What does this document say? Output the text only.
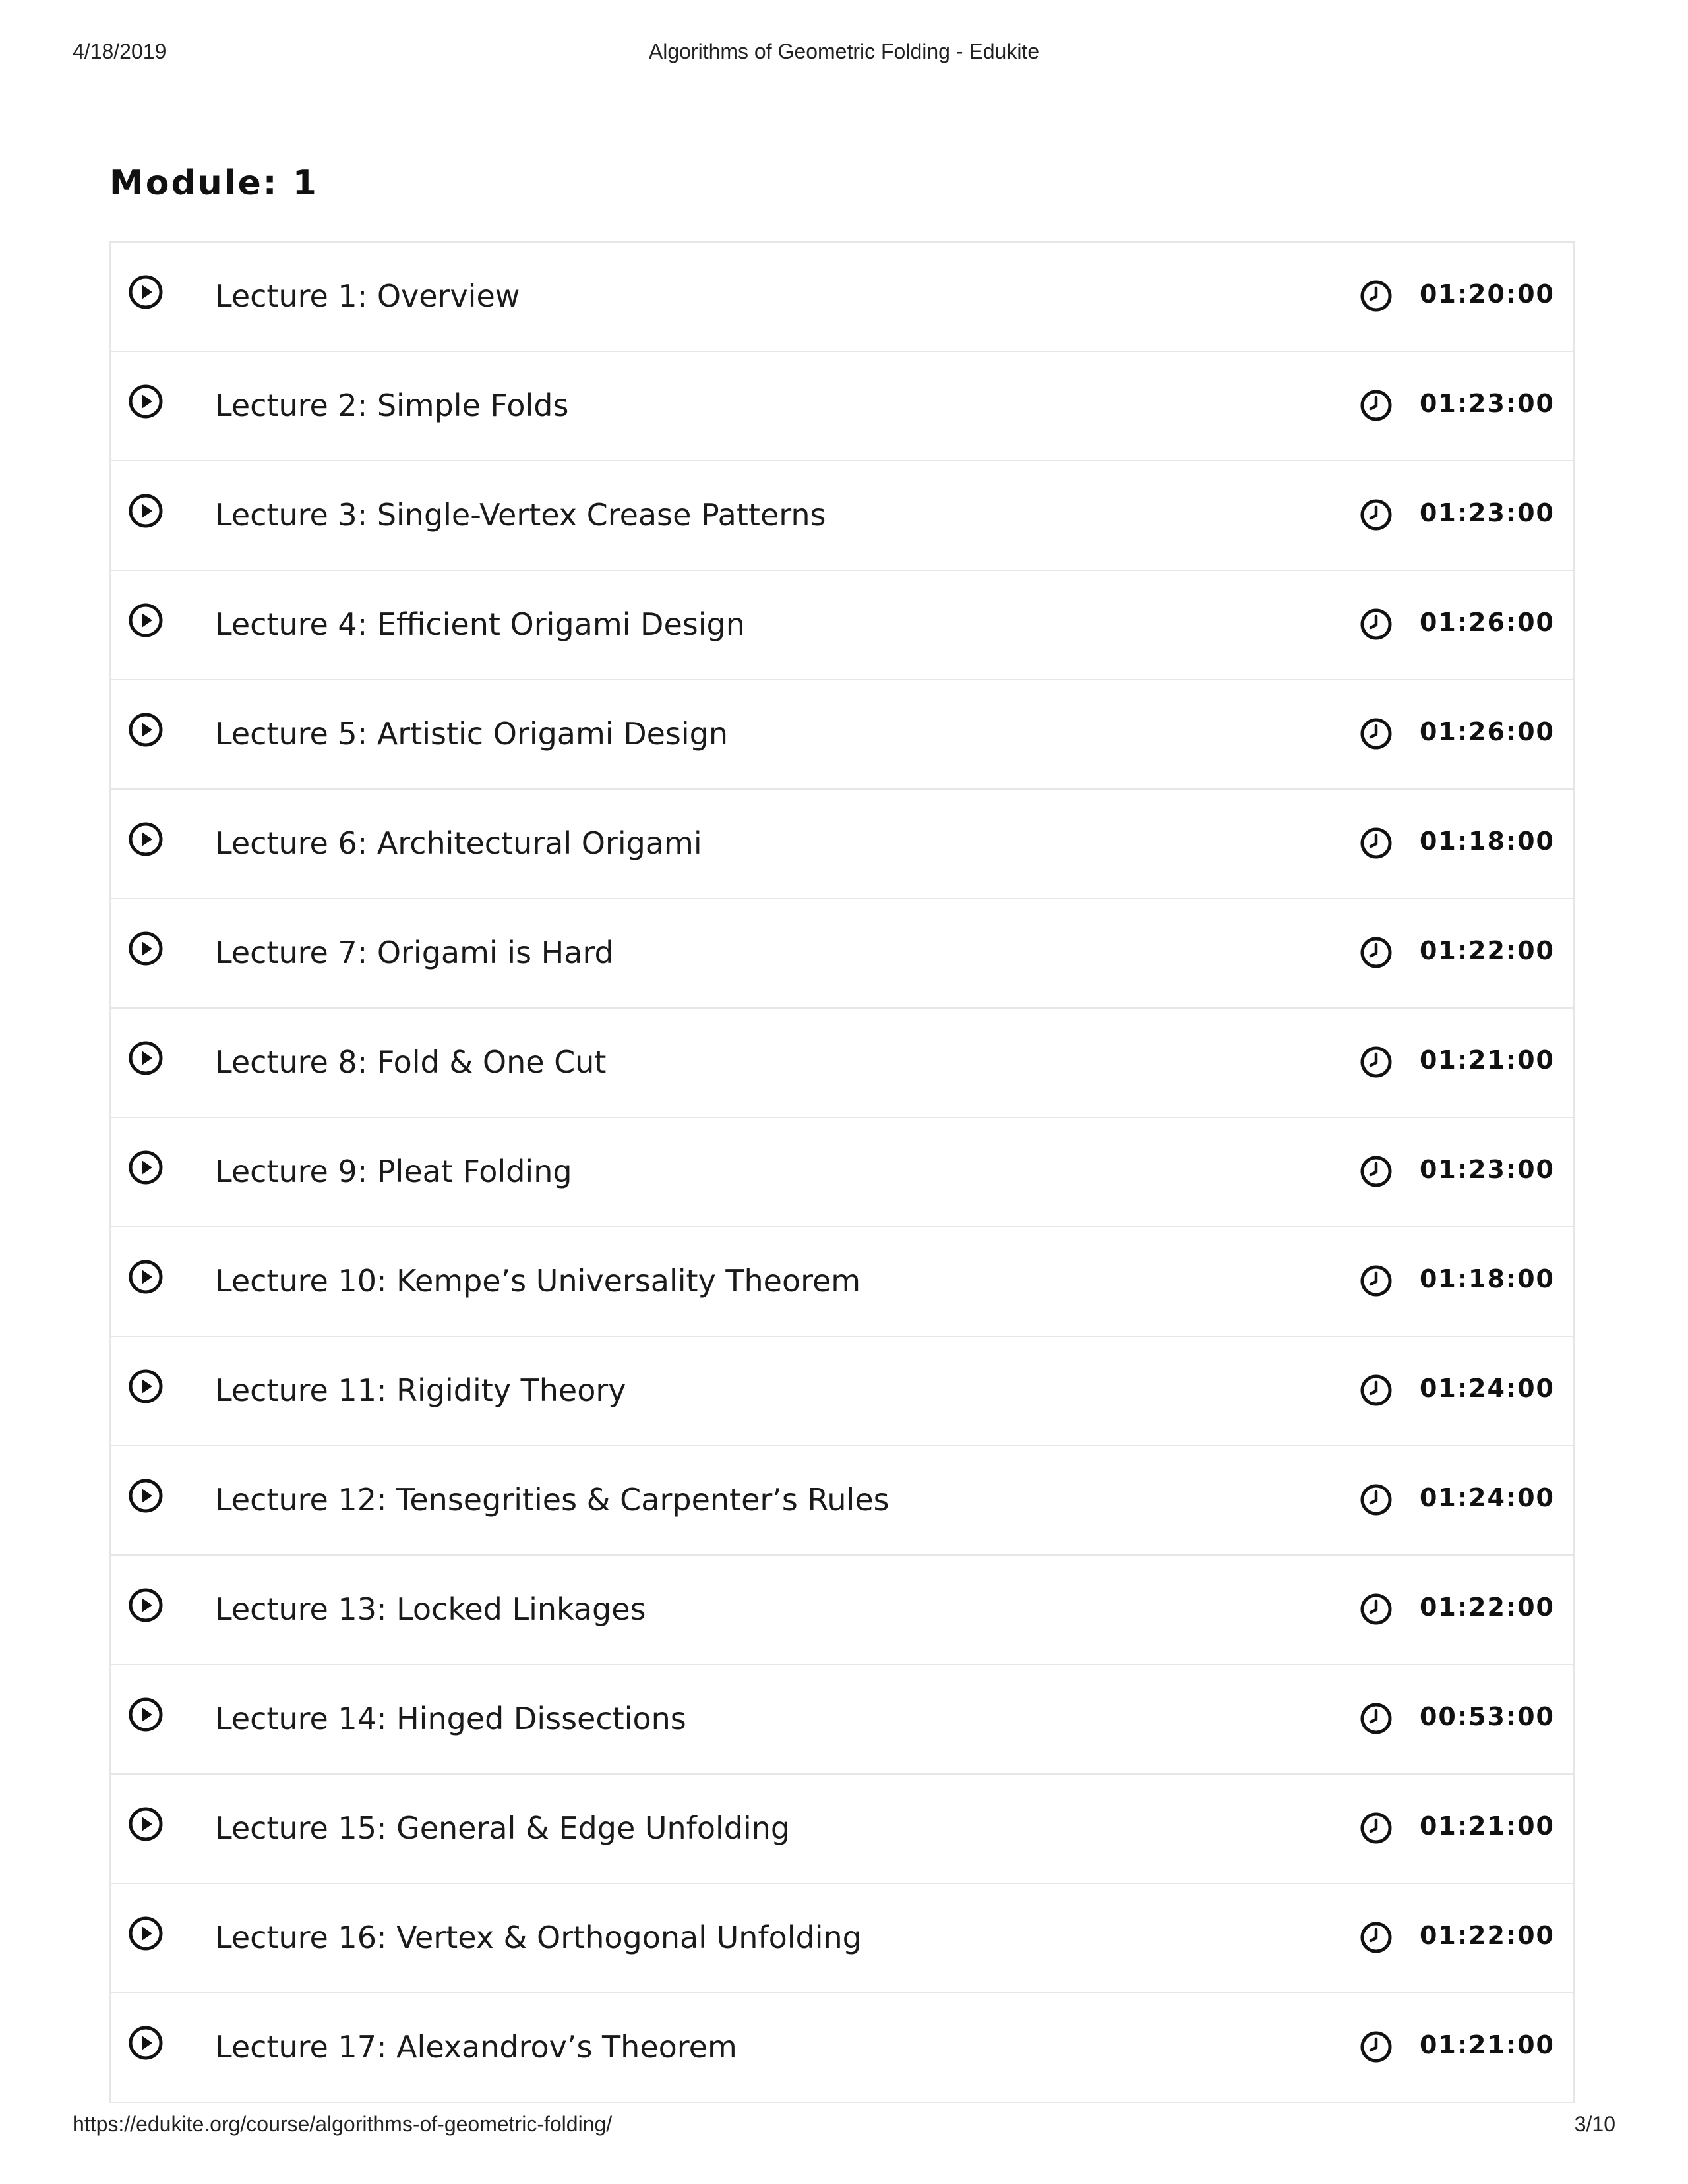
4/18/2019	Algorithms of Geometric Folding - Edukite
Module: 1
Lecture 1: Overview	01:20:00
Lecture 2: Simple Folds	01:23:00
Lecture 3: Single-Vertex Crease Patterns	01:23:00
Lecture 4: Efficient Origami Design	01:26:00
Lecture 5: Artistic Origami Design	01:26:00
Lecture 6: Architectural Origami	01:18:00
Lecture 7: Origami is Hard	01:22:00
Lecture 8: Fold & One Cut	01:21:00
Lecture 9: Pleat Folding	01:23:00
Lecture 10: Kempe’s Universality Theorem	01:18:00
Lecture 11: Rigidity Theory	01:24:00
Lecture 12: Tensegrities & Carpenter’s Rules	01:24:00
Lecture 13: Locked Linkages	01:22:00
Lecture 14: Hinged Dissections	00:53:00
Lecture 15: General & Edge Unfolding	01:21:00
Lecture 16: Vertex & Orthogonal Unfolding	01:22:00
Lecture 17: Alexandrov’s Theorem	01:21:00
https://edukite.org/course/algorithms-of-geometric-folding/	3/10
